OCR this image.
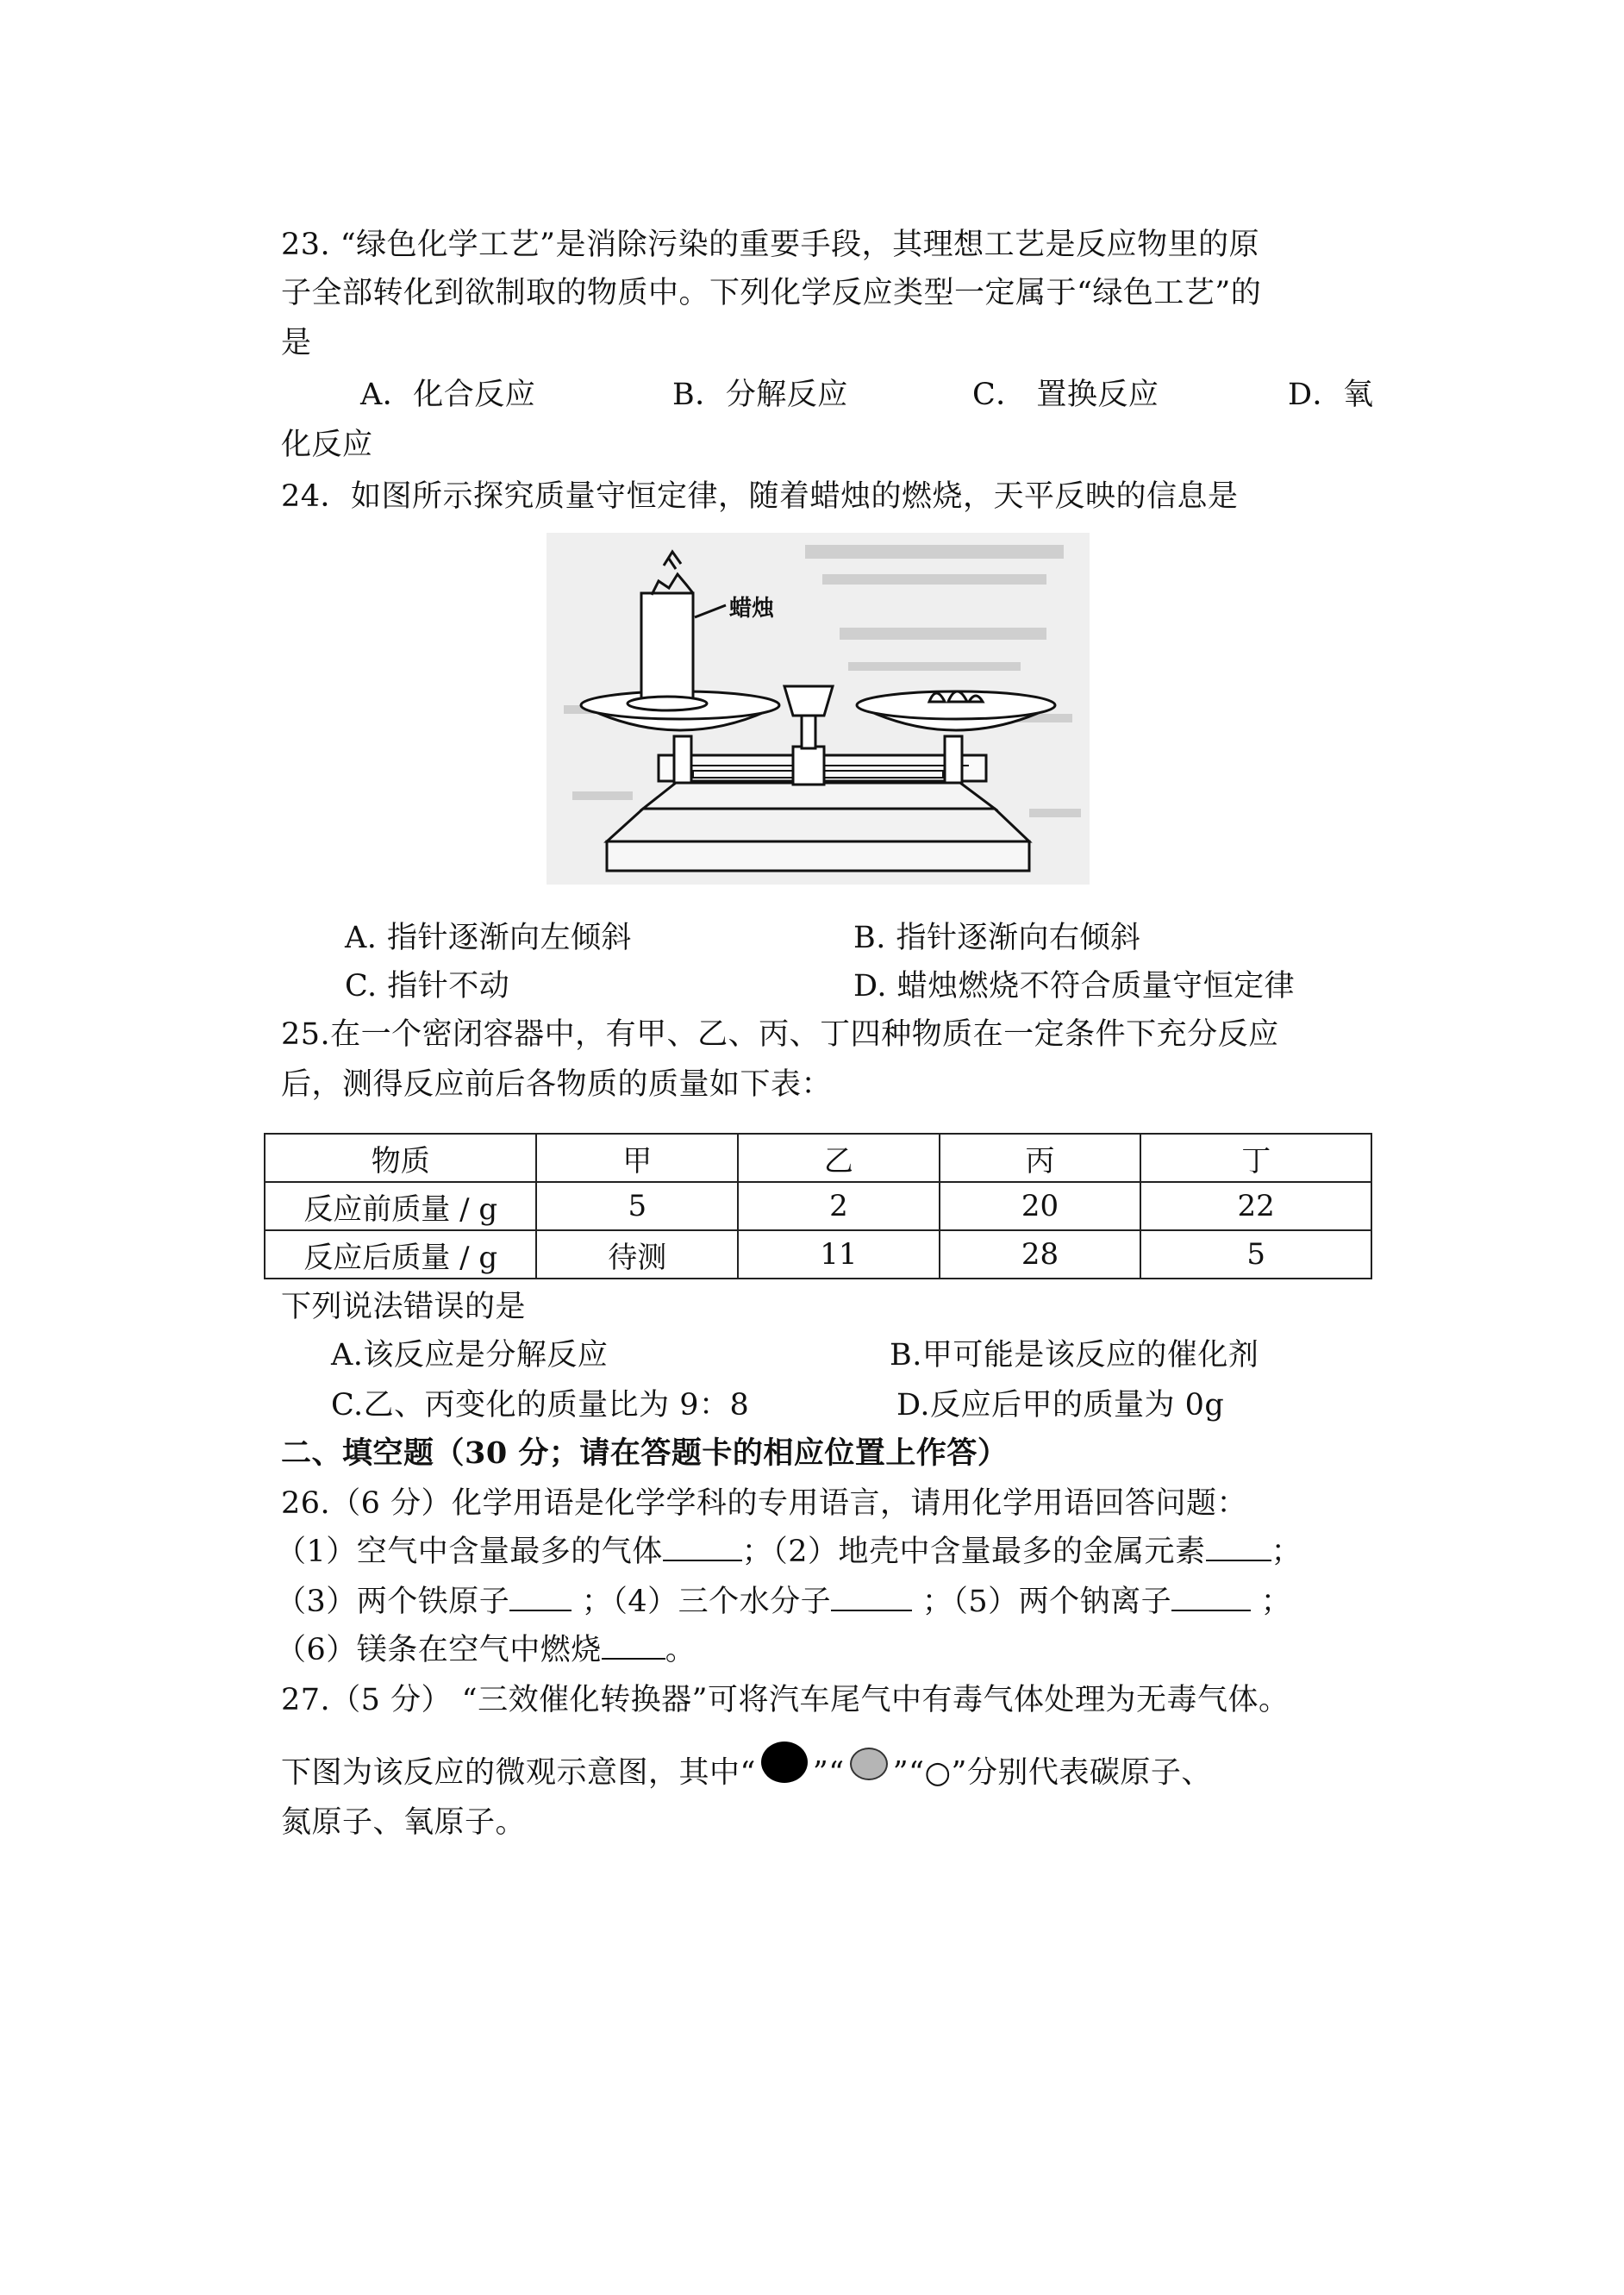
23. “绿色化学工艺”是消除污染的重要手段，其理想工艺是反应物里的原
子全部转化到欲制取的物质中。下列化学反应类型一定属于“绿色工艺”的
是
A．化合反应	B．分解反应	C． 置换反应	D．氧
化反应
24．如图所示探究质量守恒定律，随着蜡烛的燃烧，天平反映的信息是
蜡烛
A. 指针逐渐向左倾斜	B. 指针逐渐向右倾斜
C. 指针不动	D. 蜡烛燃烧不符合质量守恒定律
25.在一个密闭容器中，有甲、乙、丙、丁四种物质在一定条件下充分反应
后，测得反应前后各物质的质量如下表：
物质	甲	乙	丙	丁
反应前质量 / g	5	2	20	22
反应后质量 / g	待测	11	28	5
下列说法错误的是
A.该反应是分解反应	B.甲可能是该反应的催化剂
C.乙、丙变化的质量比为 9：8	D.反应后甲的质量为 0g
二、填空题（30 分；请在答题卡的相应位置上作答）
26.（6 分）化学用语是化学学科的专用语言，请用化学用语回答问题：
（1）空气中含量最多的气体	；（2）地壳中含量最多的金属元素 ；
（3）两个铁原子 ；（4）三个水分子	；（5）两个钠离子	；
（6）镁条在空气中燃烧 。
27.（5 分） “三效催化转换器”可将汽车尾气中有毒气体处理为无毒气体。
下图为该反应的微观示意图，其中“ ”“ ”“○”分别代表碳原子、
氮原子、氧原子。
